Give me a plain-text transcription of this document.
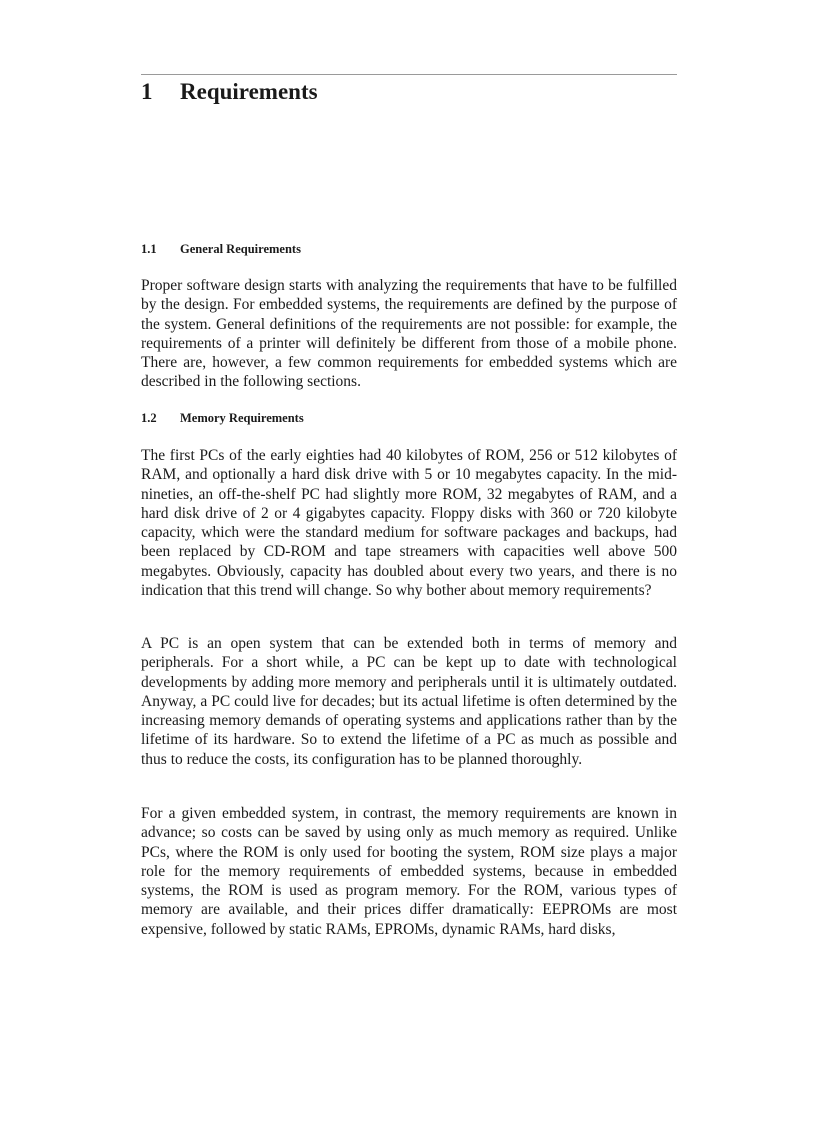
1 Requirements
1.1 General Requirements

Proper software design starts with analyzing the requirements that have to be fulfilled by the design. For embedded systems, the requirements are defined by the purpose of the system. General definitions of the requirements are not possible: for example, the requirements of a printer will definitely be different from those of a mobile phone. There are, however, a few common requirements for embedded systems which are described in the following sections.

1.2 Memory Requirements

The first PCs of the early eighties had 40 kilobytes of ROM, 256 or 512 kilobytes of RAM, and optionally a hard disk drive with 5 or 10 megabytes capacity. In the mid-nineties, an off-the-shelf PC had slightly more ROM, 32 megabytes of RAM, and a hard disk drive of 2 or 4 gigabytes capacity. Floppy disks with 360 or 720 kilobyte capacity, which were the standard medium for software packages and backups, had been replaced by CD-ROM and tape streamers with capacities well above 500 megabytes. Obviously, capacity has doubled about every two years, and there is no indication that this trend will change. So why bother about memory requirements?

A PC is an open system that can be extended both in terms of memory and peripherals. For a short while, a PC can be kept up to date with technological developments by adding more memory and peripherals until it is ultimately outdated. Anyway, a PC could live for decades; but its actual lifetime is often determined by the increasing memory demands of operating systems and applications rather than by the lifetime of its hardware. So to extend the lifetime of a PC as much as possible and thus to reduce the costs, its configuration has to be planned thoroughly.

For a given embedded system, in contrast, the memory requirements are known in advance; so costs can be saved by using only as much memory as required. Unlike PCs, where the ROM is only used for booting the system, ROM size plays a major role for the memory requirements of embedded systems, because in embedded systems, the ROM is used as program memory. For the ROM, various types of memory are available, and their prices differ dramatically: EEPROMs are most expensive, followed by static RAMs, EPROMs, dynamic RAMs, hard disks,
